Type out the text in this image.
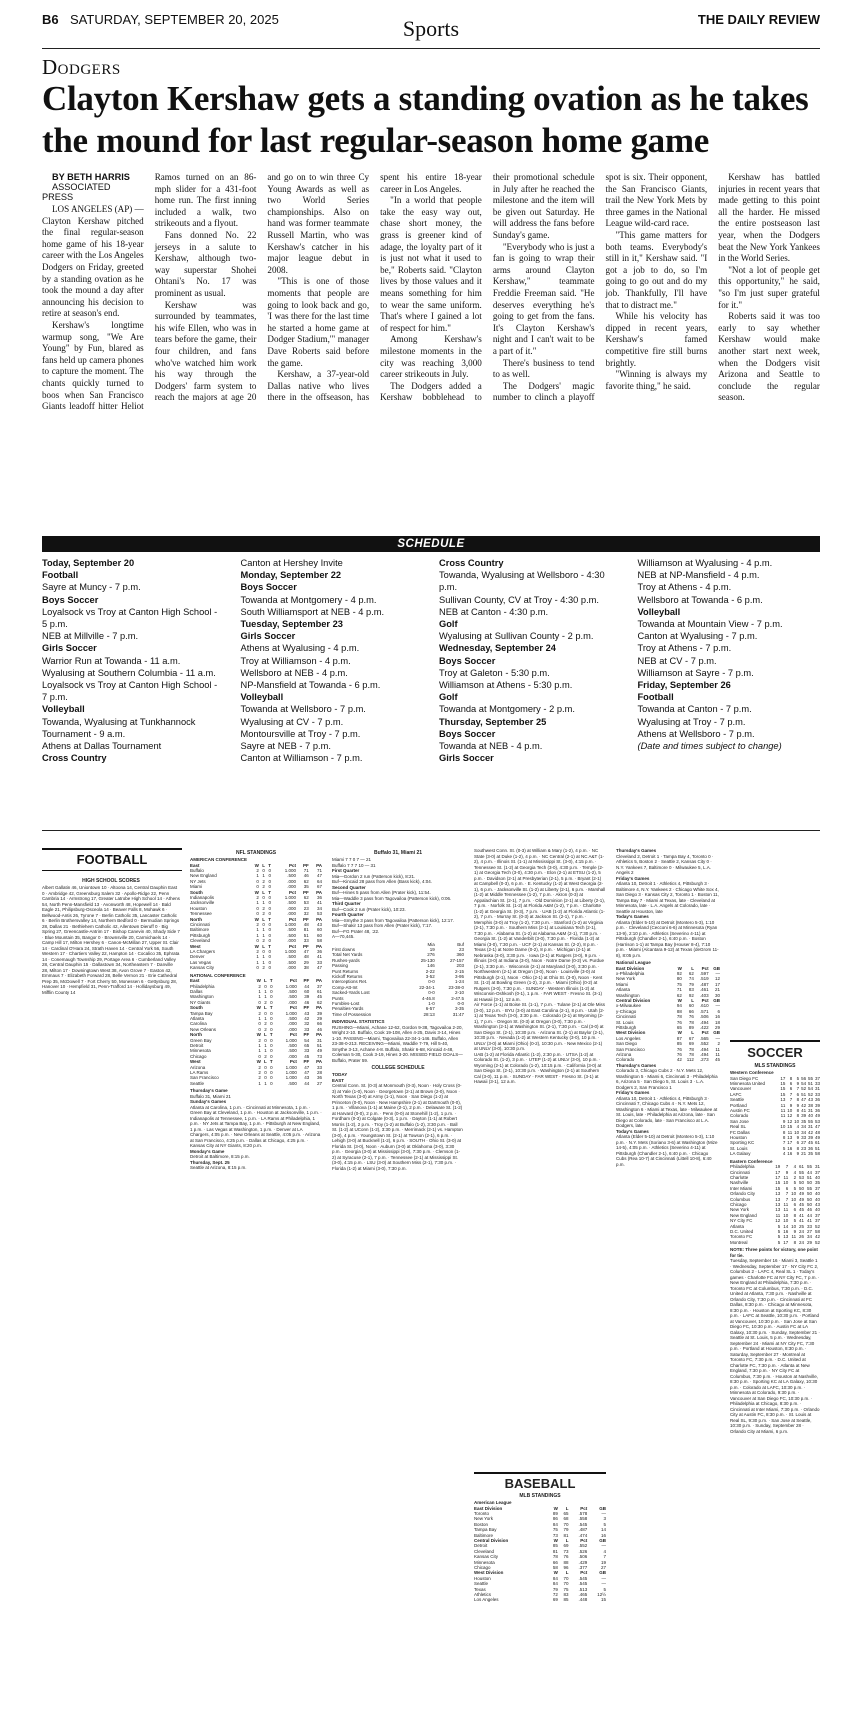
B6 SATURDAY, SEPTEMBER 20, 2025	Sports	THE DAILY REVIEW
Dodgers
Clayton Kershaw gets a standing ovation as he takes the mound for last regular-season home game

BY BETH HARRIS

ASSOCIATED PRESS

LOS ANGELES (AP) — Clayton Kershaw pitched the final regular-season home game of his 18-year career with the Los Angeles Dodgers on Friday, greeted by a standing ovation as he took the mound a day after announcing his decision to retire at season's end.

Kershaw's longtime warmup song, "We Are Young" by Fun, blared as fans held up camera phones to capture the moment. The chants quickly turned to boos when San Francisco Giants leadoff hitter Heliot Ramos turned on an 86-mph slider for a 431-foot home run. The first inning included a walk, two strikeouts and a flyout.

Fans donned No. 22 jerseys in a salute to Kershaw, although two-way superstar Shohei Ohtani's No. 17 was prominent as usual.

Kershaw was surrounded by teammates, his wife Ellen, who was in tears before the game, their four children, and fans who've watched him work his way through the Dodgers' farm system to reach the majors at age 20 and go on to win three Cy Young Awards as well as two World Series championships. Also on hand was former teammate Russell Martin, who was Kershaw's catcher in his major league debut in 2008.

"This is one of those moments that people are going to look back and go, 'I was there for the last time he started a home game at Dodger Stadium,'" manager Dave Roberts said before the game.

Kershaw, a 37-year-old Dallas native who lives there in the offseason, has spent his entire 18-year career in Los Angeles.

"In a world that people take the easy way out, chase short money, the grass is greener kind of adage, the loyalty part of it is just not what it used to be," Roberts said. "Clayton lives by those values and it means something for him to wear the same uniform. That's where I gained a lot of respect for him."

Among Kershaw's milestone moments in the city was reaching 3,000 career strikeouts in July.

The Dodgers added a Kershaw bobblehead to their promotional schedule in July after he reached the milestone and the item will be given out Saturday. He will address the fans before Sunday's game.

"Everybody who is just a fan is going to wrap their arms around Clayton Kershaw," teammate Freddie Freeman said. "He deserves everything he's going to get from the fans. It's Clayton Kershaw's night and I can't wait to be a part of it."

There's business to tend to as well.

The Dodgers' magic number to clinch a playoff spot is six. Their opponent, the San Francisco Giants, trail the New York Mets by three games in the National League wild-card race.

"This game matters for both teams. Everybody's still in it," Kershaw said. "I got a job to do, so I'm going to go out and do my job. Thankfully, I'll have that to distract me."

While his velocity has dipped in recent years, Kershaw's famed competitive fire still burns brightly.

"Winning is always my favorite thing," he said.

Kershaw has battled injuries in recent years that made getting to this point all the harder. He missed the entire postseason last year, when the Dodgers beat the New York Yankees in the World Series.

"Not a lot of people get this opportunity," he said, "so I'm just super grateful for it."

Roberts said it was too early to say whether Kershaw would make another start next week, when the Dodgers visit Arizona and Seattle to conclude the regular season.

SCHEDULE
Today, September 20
Football
Sayre at Muncy - 7 p.m.
Boys Soccer
Loyalsock vs Troy at Canton High School - 5 p.m.
NEB at Millville - 7 p.m.
Girls Soccer
Warrior Run at Towanda - 11 a.m.
Wyalusing at Southern Columbia - 11 a.m.
Loyalsock vs Troy at Canton High School - 7 p.m.
Volleyball
Towanda, Wyalusing at Tunkhannock Tournament - 9 a.m.
Athens at Dallas Tournament
Cross Country
Canton at Hershey Invite
Monday, September 22
Boys Soccer
Towanda at Montgomery - 4 p.m.
South Williamsport at NEB - 4 p.m.
Tuesday, September 23
Girls Soccer
Athens at Wyalusing - 4 p.m.
Troy at Williamson - 4 p.m.
Wellsboro at NEB - 4 p.m.
NP-Mansfield at Towanda - 6 p.m.
Volleyball
Towanda at Wellsboro - 7 p.m.
Wyalusing at CV - 7 p.m.
Montoursville at Troy - 7 p.m.
Sayre at NEB - 7 p.m.
Canton at Williamson - 7 p.m.
Cross Country
Towanda, Wyalusing at Wellsboro - 4:30 p.m.
Sullivan County, CV at Troy - 4:30 p.m.
NEB at Canton - 4:30 p.m.
Golf
Wyalusing at Sullivan County - 2 p.m.
Wednesday, September 24
Boys Soccer
Troy at Galeton - 5:30 p.m.
Williamson at Athens - 5:30 p.m.
Golf
Towanda at Montgomery - 2 p.m.
Thursday, September 25
Boys Soccer
Towanda at NEB - 4 p.m.
Girls Soccer
Williamson at Wyalusing - 4 p.m.
NEB at NP-Mansfield - 4 p.m.
Troy at Athens - 4 p.m.
Wellsboro at Towanda - 6 p.m.
Volleyball
Towanda at Mountain View - 7 p.m.
Canton at Wyalusing - 7 p.m.
Troy at Athens - 7 p.m.
NEB at CV - 7 p.m.
Williamson at Sayre - 7 p.m.
Friday, September 26
Football
Towanda at Canton - 7 p.m.
Wyalusing at Troy - 7 p.m.
Athens at Wellsboro - 7 p.m.
(Date and times subject to change)
FOOTBALL
HIGH SCHOOL SCORES

Albert Gallatin 46, Uniontown 10 · Altoona 14, Central Dauphin East 0 · Ambridge 42, Greensburg Salem 32 · Apollo-Ridge 22, Penn Cambria 14 · Armstrong 17, Greater Latrobe High School 14 · Athens 54, North Penn-Mansfield 13 · Avonworth 48, Hopewell 14 · Bald Eagle 21, Philipsburg-Osceola 14 · Beaver Falls 8, Mohawk 6 · Bellwood-Antis 26, Tyrone 7 · Berlin Catholic 35, Lancaster Catholic 6 · Berlin Brothersvalley 14, Northern Bedford 0 · Bermudian Springs 28, Dallas 21 · Bethlehem Catholic 42, Allentown Dieruff 0 · Big Spring 27, Greencastle-Antrim 17 · Bishop Canevin 40, Shady Side 7 · Blue Mountain 35, Bangor 0 · Brownsville 20, Carmichaels 14 · Camp Hill 17, Milton Hershey 6 · Canon-McMillan 27, Upper St. Clair 14 · Cardinal O'Hara 24, Strath Haven 14 · Central York 56, South Western 17 · Chartiers Valley 22, Hampton 14 · Cocalico 35, Ephrata 14 · Conemaugh Township 29, Portage Area 6 · Cumberland Valley 28, Central Dauphin 15 · Dallastown 34, Northeastern 7 · Danville 28, Milton 17 · Downingtown West 38, Avon Grove 7 · Easton 42, Emmaus 7 · Elizabeth Forward 28, Belle Vernon 21 · Erie Cathedral Prep 35, McDowell 7 · Fort Cherry 50, Monessen 6 · Gettysburg 28, Hanover 10 · Hempfield 31, Penn-Trafford 14 · Hollidaysburg 49, Mifflin County 14

NFL STANDINGS
AMERICAN CONFERENCE
East	W	L	T	Pct	PF	PA
Buffalo	2	0	0	1.000	71	71
New England	1	1	0	.500	46	47
NY Jets	0	2	0	.000	62	64
Miami	0	2	0	.000	35	67
South	W	L	T	Pct	PF	PA
Indianapolis	2	0	0	1.000	62	36
Jacksonville	1	1	0	.500	53	41
Houston	0	2	0	.000	23	34
Tennessee	0	2	0	.000	32	53
North	W	L	T	Pct	PF	PA
Cincinnati	2	0	0	1.000	48	43
Baltimore	1	1	0	.500	81	60
Pittsburgh	1	1	0	.500	51	60
Cleveland	0	2	0	.000	33	58
West	W	L	T	Pct	PF	PA
LA Chargers	2	0	0	1.000	47	36
Denver	1	1	0	.500	48	41
Las Vegas	1	1	0	.500	29	33
Kansas City	0	2	0	.000	38	47
NATIONAL CONFERENCE
East	W	L	T	Pct	PF	PA
Philadelphia	2	0	0	1.000	44	37
Dallas	1	1	0	.500	60	61
Washington	1	1	0	.500	39	45
NY Giants	0	2	0	.000	46	62
South	W	L	T	Pct	PF	PA
Tampa Bay	2	0	0	1.000	43	39
Atlanta	1	1	0	.500	42	29
Carolina	0	2	0	.000	32	66
New Orleans	0	2	0	.000	33	46
North	W	L	T	Pct	PF	PA
Green Bay	2	0	0	1.000	54	31
Detroit	1	1	0	.500	65	51
Minnesota	1	1	0	.500	33	49
Chicago	0	2	0	.000	45	73
West	W	L	T	Pct	PF	PA
Arizona	2	0	0	1.000	47	33
LA Rams	2	0	0	1.000	47	28
San Francisco	2	0	0	1.000	43	36
Seattle	1	1	0	.500	44	27

Thursday's Game

Buffalo 31, Miami 21

Sunday's Games

Atlanta at Carolina, 1 p.m. · Cincinnati at Minnesota, 1 p.m. · Green Bay at Cleveland, 1 p.m. · Houston at Jacksonville, 1 p.m. · Indianapolis at Tennessee, 1 p.m. · LA Rams at Philadelphia, 1 p.m. · NY Jets at Tampa Bay, 1 p.m. · Pittsburgh at New England, 1 p.m. · Las Vegas at Washington, 1 p.m. · Denver at LA Chargers, 4:05 p.m. · New Orleans at Seattle, 4:05 p.m. · Arizona at San Francisco, 4:25 p.m. · Dallas at Chicago, 4:25 p.m. · Kansas City at NY Giants, 8:20 p.m.

Monday's Game

Detroit at Baltimore, 8:15 p.m.

Thursday, Sept. 25

Seattle at Arizona, 8:15 p.m.

Buffalo 31, Miami 21

Miami 7 7 0 7 — 21

Buffalo 7 7 7 10 — 31

First Quarter

Mia—Gordon 2 run (Patterson kick), 8:21.

Buf—Kincaid 28 pass from Allen (Bass kick), 4:04.

Second Quarter

Buf—Hines 5 pass from Allen (Prater kick), 11:54.

Mia—Waddle 3 pass from Tagovailoa (Patterson kick), 0:06.

Third Quarter

Buf—Cook 2 run (Prater kick), 10:23.

Fourth Quarter

Mia—Smythe 3 pass from Tagovailoa (Patterson kick), 12:17.

Buf—Shakir 13 pass from Allen (Prater kick), 7:17.

Buf—FG Prater 48, :22.

A—70,445.

	Mia	Buf
First downs	19	23
Total Net Yards	276	360
Rushes-yards	25-130	27-157
Passing	146	203
Punt Returns	2-22	2-15
Kickoff Returns	3-52	3-95
Interceptions Ret.	0-0	1-24
Comp-Att-Int	22-34-1	23-38-0
Sacked-Yards Lost	0-0	2-10
Punts	4-46.8	2-47.5
Fumbles-Lost	1-0	0-0
Penalties-Yards	6-57	3-35
Time of Possession	28:13	31:47

INDIVIDUAL STATISTICS

RUSHING—Miami, Achane 12-62, Gordon 9-38, Tagovailoa 2-20, Wright 2-10. Buffalo, Cook 19-108, Allen 4-25, Davis 3-14, Hines 1-10. PASSING—Miami, Tagovailoa 22-34-1-146. Buffalo, Allen 23-38-0-213. RECEIVING—Miami, Waddle 7-79, Hill 5-40, Smythe 3-13, Achane 4-8. Buffalo, Shakir 6-68, Kincaid 4-48, Coleman 5-30, Cook 3-19, Hines 3-20. MISSED FIELD GOALS—Buffalo, Prater 59.

COLLEGE SCHEDULE

TODAY

EAST

Central Conn. St. (0-3) at Monmouth (0-3), Noon · Holy Cross (0-3) at Yale (1-0), Noon · Georgetown (2-1) at Brown (2-0), Noon · North Texas (3-0) at Army (1-1), Noon · San Diego (1-2) at Princeton (0-0), Noon · New Hampshire (2-1) at Dartmouth (0-0), 1 p.m. · Villanova (1-1) at Maine (2-1), 2 p.m. · Delaware St. (1-2) at Harvard (0-0), 2 p.m. · Penn (0-0) at Stonehill (1-2), 1 p.m. · Fordham (0-3) at Colgate (0-3), 1 p.m. · Dayton (1-1) at Robert Morris (1-2), 2 p.m. · Troy (1-2) at Buffalo (1-2), 3:30 p.m. · Ball St. (1-2) at UConn (1-2), 3:30 p.m. · Merrimack (2-1) vs. Hampton (3-0), 4 p.m. · Youngstown St. (2-1) at Towson (2-1), 6 p.m. · Lehigh (3-0) at Bucknell (1-2), 6 p.m. · SOUTH · Ohio St. (3-0) at Florida St. (3-0), Noon · Auburn (3-0) at Oklahoma (3-0), 3:30 p.m. · Georgia (3-0) at Mississippi (3-0), 7:30 p.m. · Clemson (1-2) at Syracuse (2-1), 7 p.m. · Tennessee (2-1) at Mississippi St. (3-0), 4:15 p.m. · LSU (3-0) at Southern Miss (2-1), 7:30 p.m. · Florida (1-2) at Miami (3-0), 7:30 p.m.

Southwest Conn. St. (0-3) at William & Mary (1-2), 4 p.m. · NC State (3-0) at Duke (1-2), 4 p.m. · NC Central (2-1) at NC A&T (1-2), 4 p.m. · Illinois St. (1-1) at Mississippi St. (3-0), 4:15 p.m. · Tennessee St. (1-2) at Georgia Tech (3-0), 4:30 p.m. · Temple (2-1) at Georgia Tech (3-0), 4:30 p.m. · Elon (2-1) at ETSU (1-2), 5 p.m. · Davidson (2-1) at Presbyterian (2-1), 5 p.m. · Bryant (2-1) at Campbell (0-3), 6 p.m. · E. Kentucky (1-2) at West Georgia (2-1), 6 p.m. · Jacksonville St. (1-2) at Liberty (2-1), 6 p.m. · Marshall (1-2) at Middle Tennessee (1-2), 7 p.m. · Akron (0-3) at Appalachian St. (2-1), 7 p.m. · Old Dominion (2-1) at Liberty (2-1), 7 p.m. · Norfolk St. (1-2) at Florida A&M (1-2), 7 p.m. · Charlotte (1-2) at Georgia St. (0-3), 7 p.m. · UAB (1-2) at Florida Atlantic (1-2), 7 p.m. · Murray St. (0-3) at Jackson St. (2-1), 7 p.m. · Memphis (3-0) at Troy (1-2), 7:30 p.m. · Stanford (1-2) at Virginia (2-1), 7:30 p.m. · Southern Miss (2-1) at Louisiana Tech (2-1), 7:30 p.m. · Alabama St. (1-2) at Alabama A&M (2-1), 7:30 p.m. · Georgia St. (1-2) at Vanderbilt (3-0), 7:30 p.m. · Florida (1-2) at Miami (3-0), 7:30 p.m. · UCF (2-1) at Kansas St. (2-2), 8 p.m. · Texas (2-1) at Notre Dame (0-2), 8 p.m. · Michigan (2-1) at Nebraska (3-0), 3:30 p.m. · Iowa (2-1) at Rutgers (3-0), 9 p.m. · Illinois (3-0) at Indiana (3-0), Noon · Notre Dame (0-2) vs. Purdue (2-1), 3:30 p.m. · Wisconsin (2-1) at Maryland (3-0), 3:30 p.m. · Northwestern (2-1) at Oregon (3-0), Noon · Louisville (3-0) at Pittsburgh (2-1), Noon · Ohio (2-1) at Ohio St. (3-0), Noon · Kent St. (1-2) at Bowling Green (1-2), 3 p.m. · Miami (Ohio) (0-2) at Rutgers (3-0), 7:30 p.m. · SUNDAY · Western Illinois (1-2) at Wisconsin-Oshkosh (0-1), 1 p.m. · FAR WEST · Fresno St. (3-1) at Hawaii (3-1), 12 a.m.

Air Force (1-1) at Boise St. (1-1), 7 p.m. · Tulane (2-1) at Ole Miss (3-0), 12 p.m. · BYU (3-0) at East Carolina (2-1), 8 p.m. · Utah (2-1) at Texas Tech (3-0), 3:30 p.m. · Colorado (2-1) at Wyoming (2-1), 7 p.m. · Oregon St. (0-3) at Oregon (3-0), 7:30 p.m. · Washington (2-1) at Washington St. (2-1), 7:30 p.m. · Cal (3-0) at San Diego St. (2-1), 10:30 p.m. · Arizona St. (2-1) at Baylor (2-1), 10:30 p.m. · Nevada (1-2) at Western Kentucky (3-0), 10 p.m. · UNLV (3-0) at Miami (Ohio) (0-2), 10:30 p.m. · New Mexico (2-1) at UNLV (3-0), 10:30 p.m.

UAB (1-2) at Florida Atlantic (1-2), 2:30 p.m. · UTSA (1-2) at Colorado St. (1-2), 3 p.m. · UTEP (1-2) at UNLV (3-0), 10 p.m. · Wyoming (2-1) at Colorado (1-2), 10:15 p.m. · California (3-0) at San Diego St. (2-1), 10:30 p.m. · Washington (2-1) at Southern Cal (3-0), 11 p.m. · SUNDAY · FAR WEST · Fresno St. (3-1) at Hawaii (3-1), 12 a.m.

BASEBALL
MLB STANDINGS
American League
East Division	W	L	Pct	GB
Toronto	89	65	.578	—
New York	86	68	.558	3
Boston	84	70	.545	5
Tampa Bay	75	79	.487	14
Baltimore	73	81	.474	16
Central Division	W	L	Pct	GB
Detroit	85	69	.552	—
Cleveland	81	73	.526	4
Kansas City	78	76	.506	7
Minnesota	66	88	.429	19
Chicago	58	96	.377	27
West Division	W	L	Pct	GB
Houston	84	70	.545	—
Seattle	84	70	.545	—
Texas	79	75	.513	5
Athletics	72	83	.465	12½
Los Angeles	69	85	.448	15

Thursday's Games

Cleveland 2, Detroit 1 · Tampa Bay 4, Toronto 0 · Athletics 5, Boston 2 · Seattle 2, Kansas City 0 · N.Y. Yankees 7, Baltimore 0 · Milwaukee 5, L.A. Angels 2

Friday's Games

Atlanta 10, Detroit 1 · Athletics 4, Pittsburgh 3 · Baltimore 4, N.Y. Yankees 2 · Chicago White Sox 4, San Diego 3 · Kansas City 2, Toronto 1 · Boston 11, Tampa Bay 7 · Miami at Texas, late · Cleveland at Minnesota, late · L.A. Angels at Colorado, late · Seattle at Houston, late

Today's Games

Atlanta (Elder 5-10) at Detroit (Montero 5-3), 1:10 p.m. · Cleveland (Cecconi 6-6) at Minnesota (Ryan 13-9), 2:10 p.m. · Athletics (Severino 4-11) at Pittsburgh (Chandler 2-1), 6:40 p.m. · Boston (Harrison 1-1) at Tampa Bay (Houser 8-4), 7:10 p.m. · Miami (Alcantara 9-12) at Texas (deGrom 11-8), 8:05 p.m.

National League
East Division	W	L	Pct	GB
x-Philadelphia	92	62	.597	—
New York	80	74	.519	12
Miami	75	79	.487	17
Atlanta	71	83	.461	21
Washington	62	92	.403	30
Central Division	W	L	Pct	GB
x-Milwaukee	94	60	.610	—
y-Chicago	88	66	.571	6
Cincinnati	78	76	.506	16
St. Louis	76	78	.494	18
Pittsburgh	65	89	.422	29
West Division	W	L	Pct	GB
Los Angeles	87	67	.565	—
San Diego	85	69	.552	2
San Francisco	76	78	.494	11
Arizona	76	78	.494	11
Colorado	42	112	.273	45

Thursday's Games

Colorado 3, Chicago Cubs 2 · N.Y. Mets 12, Washington 5 · Miami 6, Cincinnati 3 · Philadelphia 6, Arizona 5 · San Diego 5, St. Louis 3 · L.A. Dodgers 2, San Francisco 1

Friday's Games

Atlanta 10, Detroit 1 · Athletics 4, Pittsburgh 3 · Cincinnati 7, Chicago Cubs 4 · N.Y. Mets 12, Washington 6 · Miami at Texas, late · Milwaukee at St. Louis, late · Philadelphia at Arizona, late · San Diego at Colorado, late · San Francisco at L.A. Dodgers, late

Today's Games

Atlanta (Elder 5-10) at Detroit (Montero 5-3), 1:10 p.m. · N.Y. Mets (Soriano 3-6) at Washington (Mize 14-5), 4:05 p.m. · Athletics (Severino 4-11) at Pittsburgh (Chandler 2-1), 6:40 p.m. · Chicago Cubs (Rea 10-7) at Cincinnati (Littell 10-8), 6:40 p.m.

SOCCER
MLS STANDINGS
Western Conference
San Diego FC	17	8	5	56	55	37
Minnesota United	15	6	9	54	51	33
Vancouver	15	6	7	52	54	31
LAFC	15	7	6	51	52	33
Seattle	13	7	8	47	43	36
Portland	11	9	9	42	38	39
Austin FC	11	10	8	41	31	36
Colorado	11	12	8	39	40	49
San Jose	9	12	10	35	55	53
Real SL	10	15	4	34	31	47
FC Dallas	8	11	10	34	42	48
Houston	8	13	9	33	39	49
Sporting KC	7	17	6	27	45	61
St. Louis	5	16	8	23	36	51
LA Galaxy	4	16	9	21	35	58
Eastern Conference
Philadelphia	19	7	4	61	55	31
Cincinnati	17	9	4	55	44	37
Charlotte	17	11	2	53	51	40
Nashville	15	10	5	50	50	35
Inter Miami	15	6	5	50	55	37
Orlando City	13	7	10	49	50	40
Columbus	13	7	10	49	50	40
Chicago	13	11	6	45	50	43
New York	13	11	6	45	46	40
New England	11	10	8	41	44	37
NY City FC	12	10	5	41	41	37
Atlanta	5	14	10	25	33	52
D.C. United	5	16	9	24	27	58
Toronto FC	5	13	11	26	34	42
Montreal	5	17	8	24	29	52

NOTE: Three points for victory, one point for tie.

Tuesday, September 16 · Miami 3, Seattle 1 · Wednesday, September 17 · NY City FC 2, Columbus 2 · LAFC 4, Real SL 1 · Today's games · Charlotte FC at NY City FC, 7 p.m. · New England at Philadelphia, 7:30 p.m. · Toronto FC at Columbus, 7:30 p.m. · D.C. United at Atlanta, 7:30 p.m. · Nashville at Orlando City, 7:30 p.m. · Cincinnati at FC Dallas, 8:30 p.m. · Chicago at Minnesota, 8:30 p.m. · Houston at Sporting KC, 8:30 p.m. · LAFC at Seattle, 10:30 p.m. · Portland at Vancouver, 10:30 p.m. · San Jose at San Diego FC, 10:30 p.m. · Austin FC at LA Galaxy, 10:30 p.m. · Sunday, September 21 · Seattle at St. Louis, 5 p.m. · Wednesday, September 24 · Miami at NY City FC, 7:30 p.m. · Portland at Houston, 8:30 p.m. · Saturday, September 27 · Montreal at Toronto FC, 7:30 p.m. · D.C. United at Charlotte FC, 7:30 p.m. · Atlanta at New England, 7:30 p.m. · NY City FC at Columbus, 7:30 p.m. · Houston at Nashville, 8:30 p.m. · Sporting KC at LA Galaxy, 10:30 p.m. · Colorado at LAFC, 10:30 p.m. · Minnesota at Colorado, 9:30 p.m. · Vancouver at San Diego FC, 10:30 p.m. · Philadelphia at Chicago, 8:30 p.m. · Cincinnati at Inter Miami, 7:30 p.m. · Orlando City at Austin FC, 8:30 p.m. · St. Louis at Real SL, 9:30 p.m. · San Jose at Seattle, 10:30 p.m. · Sunday, September 28 · Orlando City at Miami, 6 p.m.
